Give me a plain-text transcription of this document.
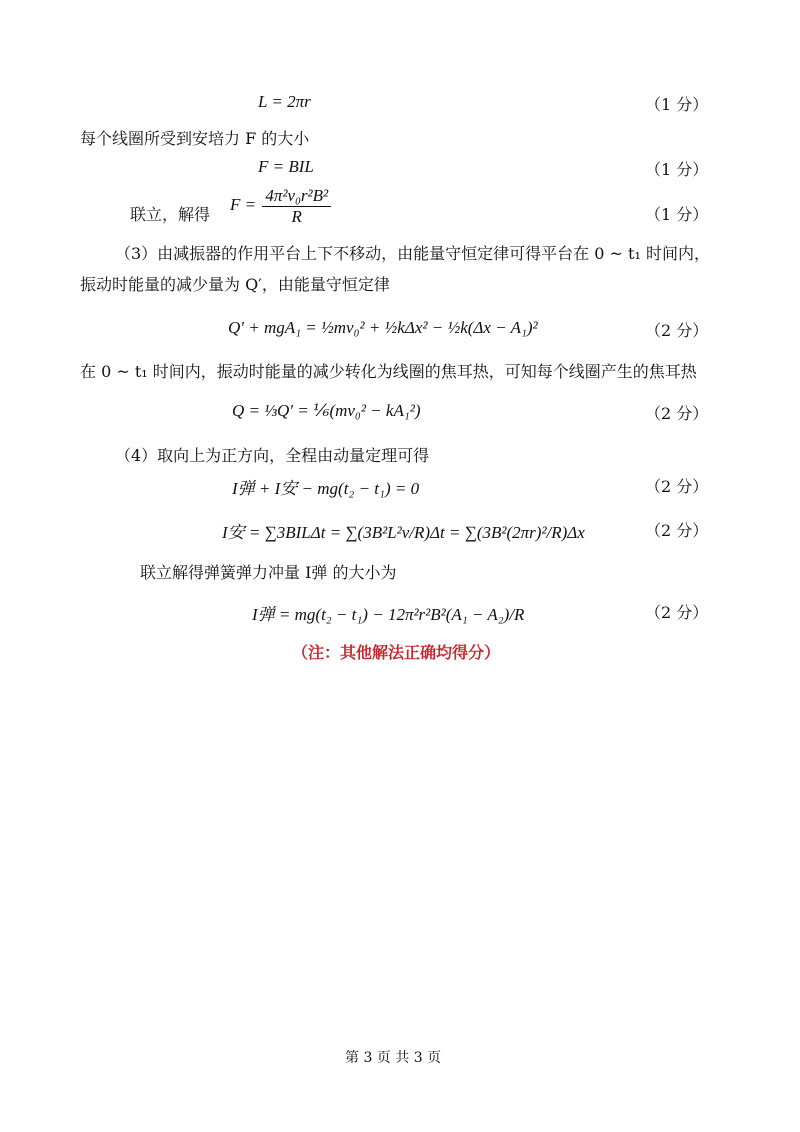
L = 2πr	（1 分）
每个线圈所受到安培力 F 的大小
F = BIL	（1 分）
联立，解得
$F = \frac{\text{4π²v₀r²B²}}{R}$	（1 分）
（3）由减振器的作用平台上下不移动，由能量守恒定律可得平台在 0 ~ t₁ 时间内，
振动时能量的减少量为 Q′，由能量守恒定律
Q′ + mgA₁ = ½mv₀² + ½kΔx² − ½k(Δx − A₁)²	（2 分）
在 0 ~ t₁ 时间内，振动时能量的减少转化为线圈的焦耳热，可知每个线圈产生的焦耳热
Q = ⅓Q′ = ⅙(mv₀² − kA₁²)	（2 分）
（4）取向上为正方向，全程由动量定理可得
I弹 + I安 − mg(t₂ − t₁) = 0	（2 分）
I安 = ∑3BILΔt = ∑(3B²L²v/R)Δt = ∑(3B²(2πr)²/R)Δx	（2 分）
联立解得弹簧弹力冲量 I弹 的大小为
I弹 = mg(t₂ − t₁) − 12π²r²B²(A₁ − A₂)/R	（2 分）
（注：其他解法正确均得分）
第 3 页 共 3 页
